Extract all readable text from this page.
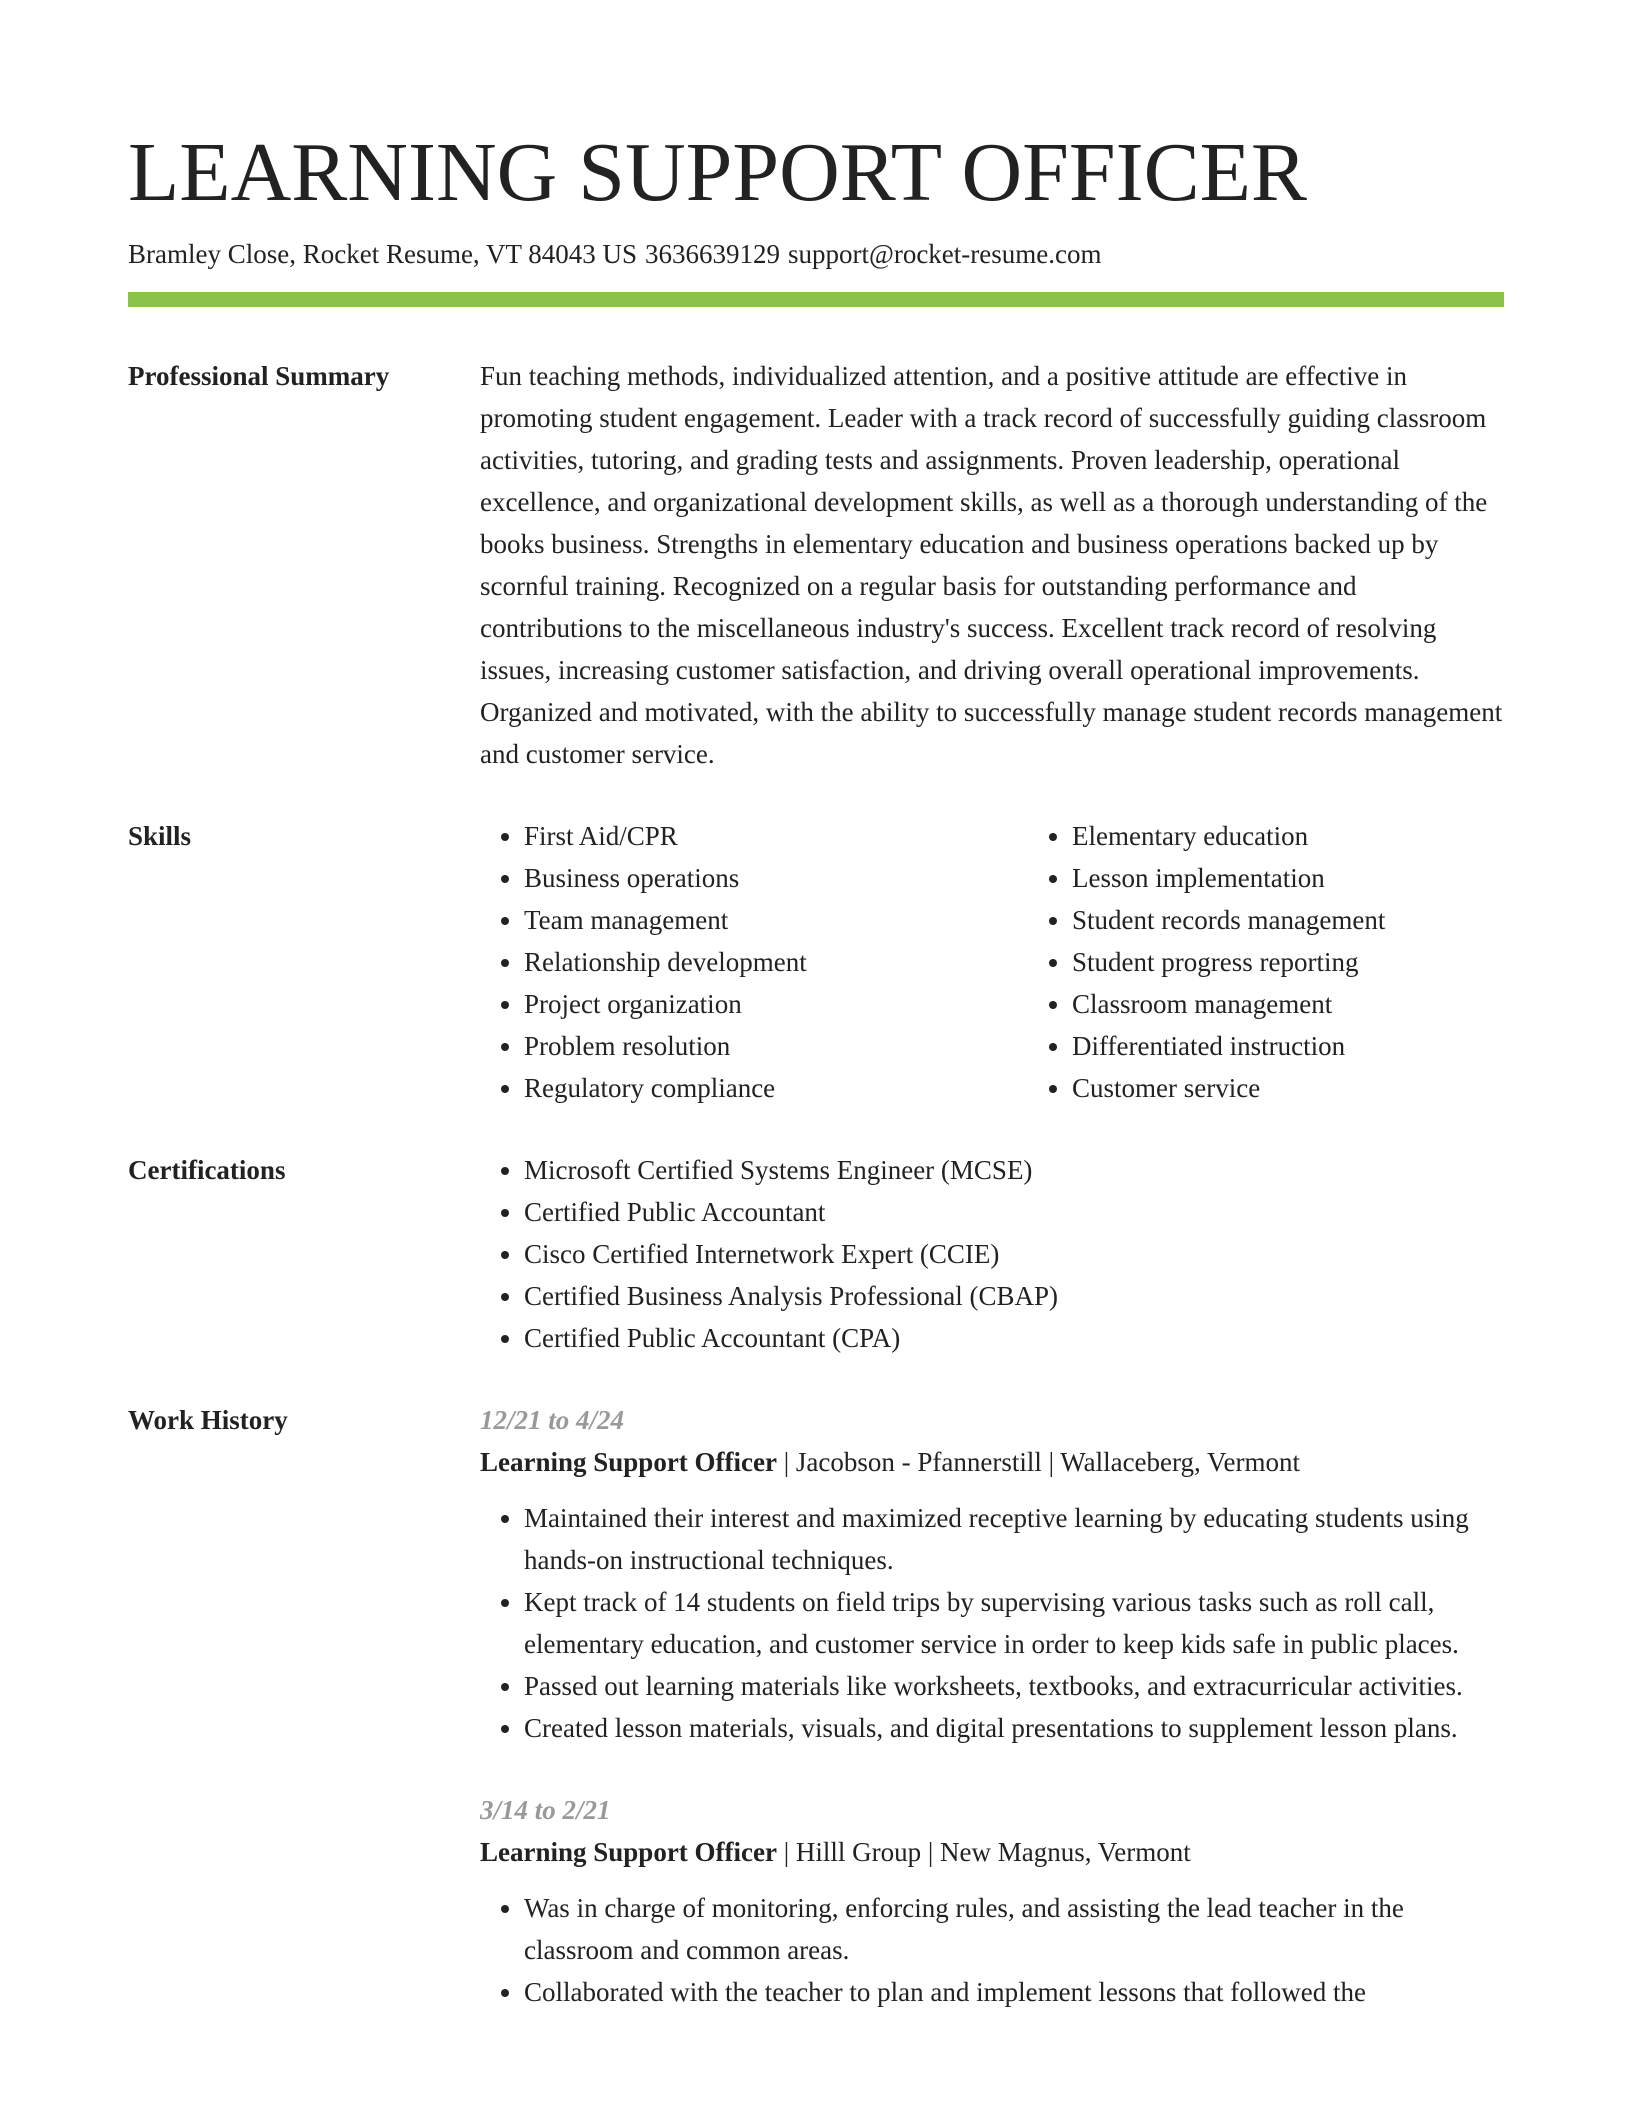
LEARNING SUPPORT OFFICER
Bramley Close, Rocket Resume, VT 84043 US 3636639129 support@rocket-resume.com
Professional Summary	Fun teaching methods, individualized attention, and a positive attitude are effective in promoting student engagement. Leader with a track record of successfully guiding classroom activities, tutoring, and grading tests and assignments. Proven leadership, operational excellence, and organizational development skills, as well as a thorough understanding of the books business. Strengths in elementary education and business operations backed up by scornful training. Recognized on a regular basis for outstanding performance and contributions to the miscellaneous industry's success. Excellent track record of resolving issues, increasing customer satisfaction, and driving overall operational improvements. Organized and motivated, with the ability to successfully manage student records management and customer service.

Skills	• First Aid/CPR
• Business operations
• Team management
• Relationship development
• Project organization
• Problem resolution
• Regulatory compliance
• Elementary education
• Lesson implementation
• Student records management
• Student progress reporting
• Classroom management
• Differentiated instruction
• Customer service
Certifications	• Microsoft Certified Systems Engineer (MCSE)
• Certified Public Accountant
• Cisco Certified Internetwork Expert (CCIE)
• Certified Business Analysis Professional (CBAP)
• Certified Public Accountant (CPA)
Work History	12/21 to 4/24
Learning Support Officer | Jacobson - Pfannerstill | Wallaceberg, Vermont
• Maintained their interest and maximized receptive learning by educating students using hands-on instructional techniques.
• Kept track of 14 students on field trips by supervising various tasks such as roll call, elementary education, and customer service in order to keep kids safe in public places.
• Passed out learning materials like worksheets, textbooks, and extracurricular activities.
• Created lesson materials, visuals, and digital presentations to supplement lesson plans.
3/14 to 2/21
Learning Support Officer | Hilll Group | New Magnus, Vermont
• Was in charge of monitoring, enforcing rules, and assisting the lead teacher in the classroom and common areas.
• Collaborated with the teacher to plan and implement lessons that followed the
